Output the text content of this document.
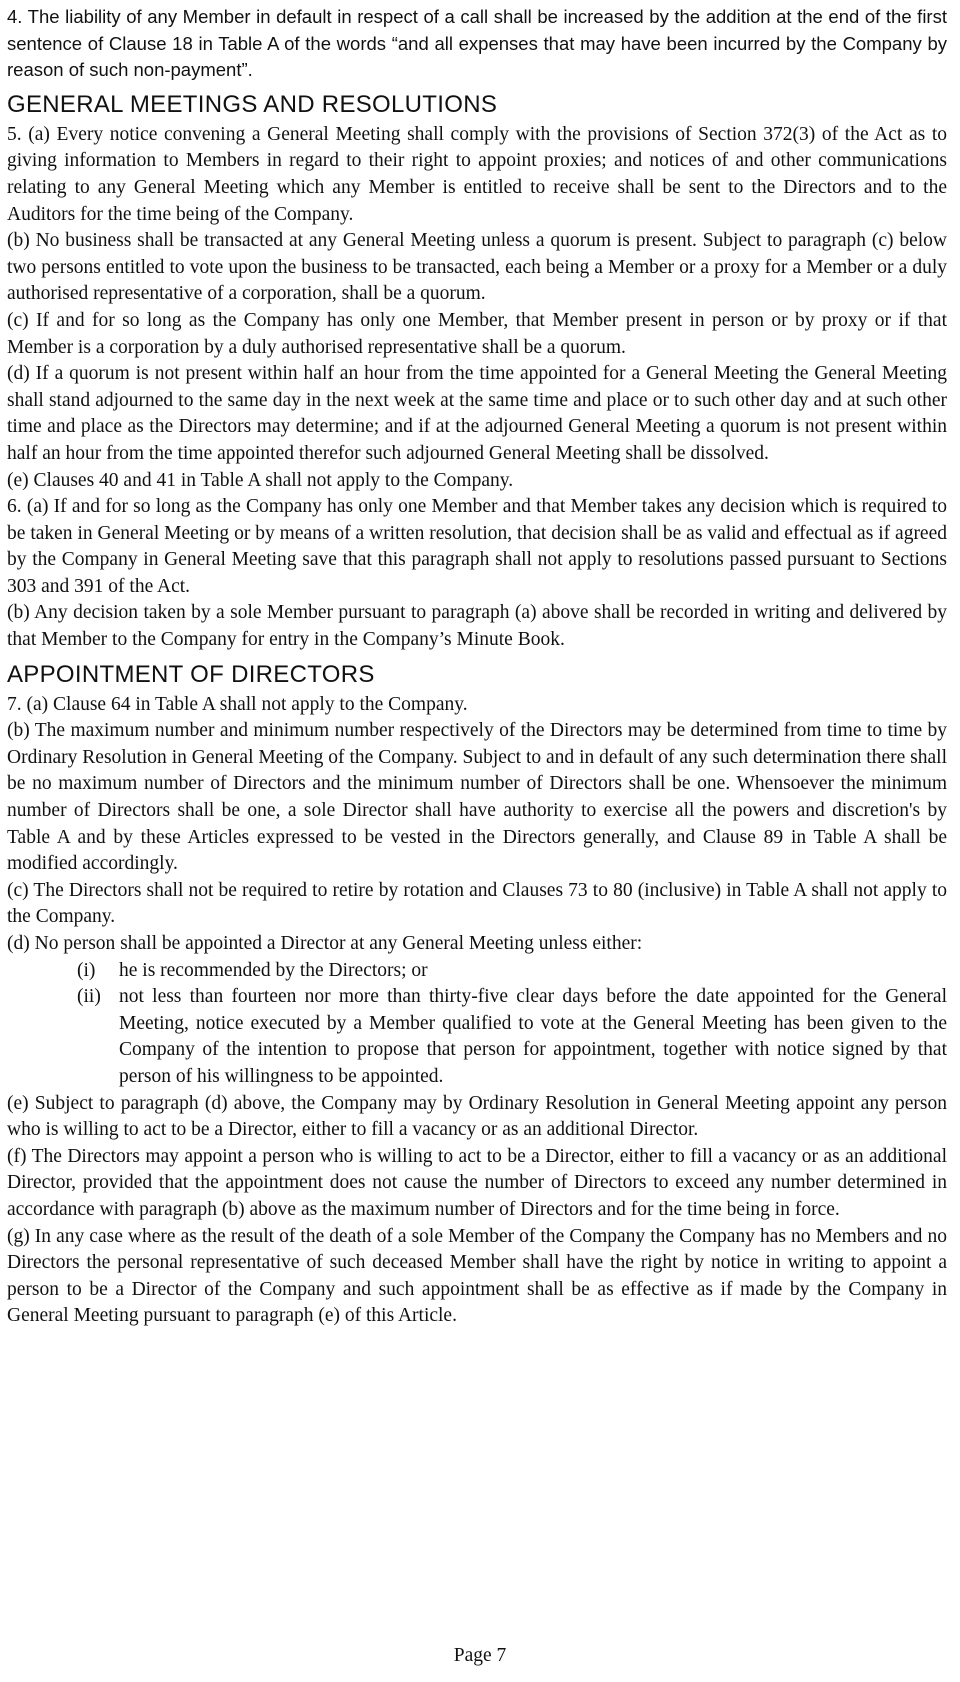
4. The liability of any Member in default in respect of a call shall be increased by the addition at the end of the first sentence of Clause 18 in Table A of the words “and all expenses that may have been incurred by the Company by reason of such non-payment”.

GENERAL MEETINGS AND RESOLUTIONS

5. (a) Every notice convening a General Meeting shall comply with the provisions of Section 372(3) of the Act as to giving information to Members in regard to their right to appoint proxies; and notices of and other communications relating to any General Meeting which any Member is entitled to receive shall be sent to the Directors and to the Auditors for the time being of the Company.

(b) No business shall be transacted at any General Meeting unless a quorum is present. Subject to paragraph (c) below two persons entitled to vote upon the business to be transacted, each being a Member or a proxy for a Member or a duly authorised representative of a corporation, shall be a quorum.

(c) If and for so long as the Company has only one Member, that Member present in person or by proxy or if that Member is a corporation by a duly authorised representative shall be a quorum.

(d) If a quorum is not present within half an hour from the time appointed for a General Meeting the General Meeting shall stand adjourned to the same day in the next week at the same time and place or to such other day and at such other time and place as the Directors may determine; and if at the adjourned General Meeting a quorum is not present within half an hour from the time appointed therefor such adjourned General Meeting shall be dissolved.

(e) Clauses 40 and 41 in Table A shall not apply to the Company.

6. (a) If and for so long as the Company has only one Member and that Member takes any decision which is required to be taken in General Meeting or by means of a written resolution, that decision shall be as valid and effectual as if agreed by the Company in General Meeting save that this paragraph shall not apply to resolutions passed pursuant to Sections 303 and 391 of the Act.

(b) Any decision taken by a sole Member pursuant to paragraph (a) above shall be recorded in writing and delivered by that Member to the Company for entry in the Company’s Minute Book.

APPOINTMENT OF DIRECTORS

7. (a) Clause 64 in Table A shall not apply to the Company.

(b) The maximum number and minimum number respectively of the Directors may be determined from time to time by Ordinary Resolution in General Meeting of the Company. Subject to and in default of any such determination there shall be no maximum number of Directors and the minimum number of Directors shall be one. Whensoever the minimum number of Directors shall be one, a sole Director shall have authority to exercise all the powers and discretion's by Table A and by these Articles expressed to be vested in the Directors generally, and Clause 89 in Table A shall be modified accordingly.

(c) The Directors shall not be required to retire by rotation and Clauses 73 to 80 (inclusive) in Table A shall not apply to the Company.

(d) No person shall be appointed a Director at any General Meeting unless either:

(i) he is recommended by the Directors; or
(ii) not less than fourteen nor more than thirty-five clear days before the date appointed for the General Meeting, notice executed by a Member qualified to vote at the General Meeting has been given to the Company of the intention to propose that person for appointment, together with notice signed by that person of his willingness to be appointed.

(e) Subject to paragraph (d) above, the Company may by Ordinary Resolution in General Meeting appoint any person who is willing to act to be a Director, either to fill a vacancy or as an additional Director.

(f) The Directors may appoint a person who is willing to act to be a Director, either to fill a vacancy or as an additional Director, provided that the appointment does not cause the number of Directors to exceed any number determined in accordance with paragraph (b) above as the maximum number of Directors and for the time being in force.

(g) In any case where as the result of the death of a sole Member of the Company the Company has no Members and no Directors the personal representative of such deceased Member shall have the right by notice in writing to appoint a person to be a Director of the Company and such appointment shall be as effective as if made by the Company in General Meeting pursuant to paragraph (e) of this Article.

Page 7
